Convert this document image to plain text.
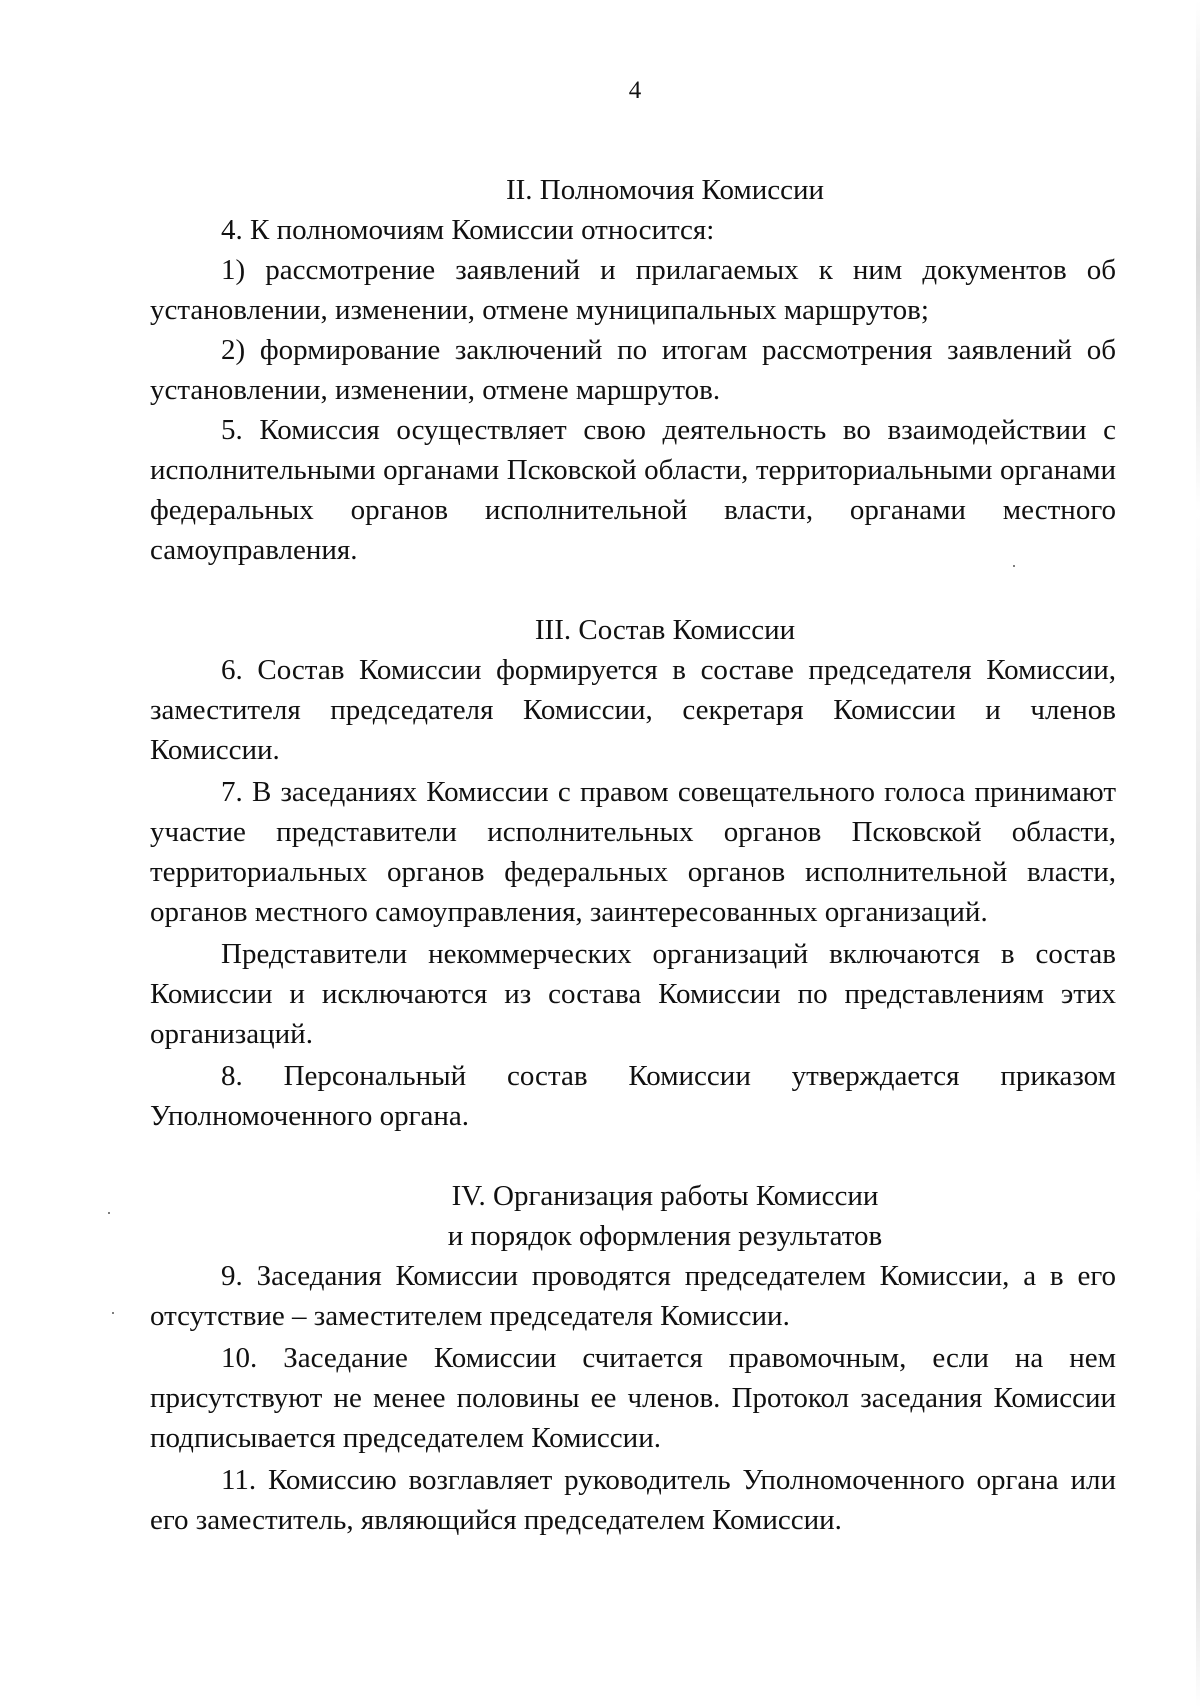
4
II. Полномочия Комиссии

4. К полномочиям Комиссии относится:

1) рассмотрение заявлений и прилагаемых к ним документов об установлении, изменении, отмене муниципальных маршрутов;

2) формирование заключений по итогам рассмотрения заявлений об установлении, изменении, отмене маршрутов.

5. Комиссия осуществляет свою деятельность во взаимодействии с исполнительными органами Псковской области, территориальными органами федеральных органов исполнительной власти, органами местного самоуправления.

III. Состав Комиссии

6. Состав Комиссии формируется в составе председателя Комиссии, заместителя председателя Комиссии, секретаря Комиссии и членов Комиссии.

7. В заседаниях Комиссии с правом совещательного голоса принимают участие представители исполнительных органов Псковской области, территориальных органов федеральных органов исполнительной власти, органов местного самоуправления, заинтересованных организаций.

Представители некоммерческих организаций включаются в состав Комиссии и исключаются из состава Комиссии по представлениям этих организаций.

8. Персональный состав Комиссии утверждается приказом Уполномоченного органа.

IV. Организация работы Комиссии
и порядок оформления результатов

9. Заседания Комиссии проводятся председателем Комиссии, а в его отсутствие – заместителем председателя Комиссии.

10. Заседание Комиссии считается правомочным, если на нем присутствуют не менее половины ее членов. Протокол заседания Комиссии подписывается председателем Комиссии.

11. Комиссию возглавляет руководитель Уполномоченного органа или его заместитель, являющийся председателем Комиссии.
